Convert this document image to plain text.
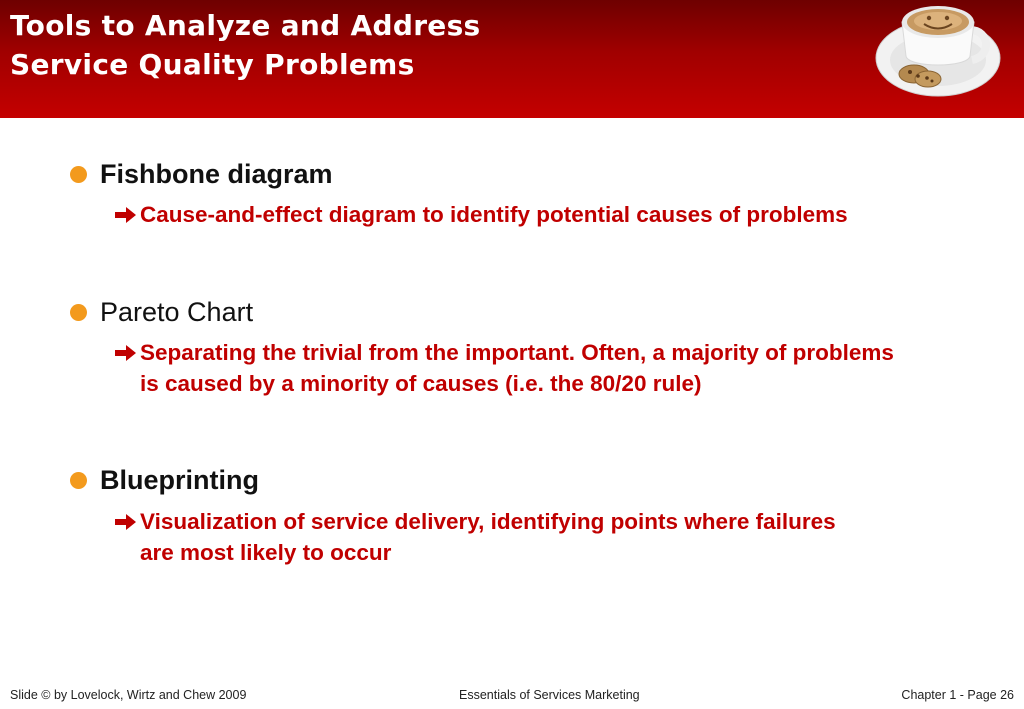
Tools to Analyze and Address
Service Quality Problems
Fishbone diagram
Cause-and-effect diagram to identify potential causes of problems
Pareto Chart
Separating the trivial from the important. Often, a majority of problems is caused by a minority of causes (i.e. the 80/20 rule)
Blueprinting
Visualization of service delivery, identifying points where failures are most likely to occur
Slide © by Lovelock, Wirtz and Chew 2009	Essentials of Services Marketing	Chapter 1 - Page 26
